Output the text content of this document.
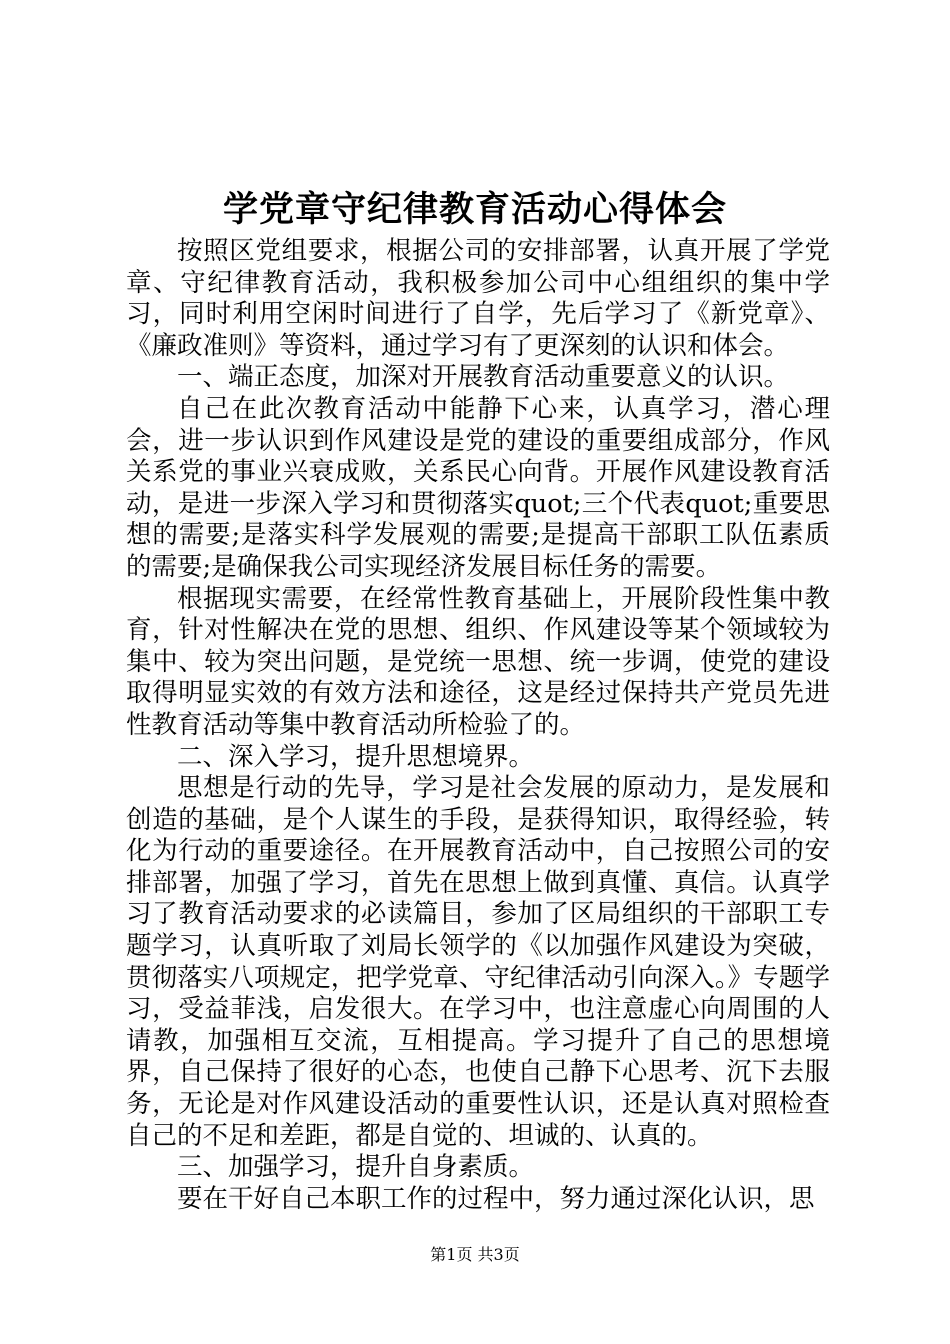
学党章守纪律教育活动心得体会

按照区党组要求，根据公司的安排部署，认真开展了学党章、守纪律教育活动，我积极参加公司中心组组织的集中学习，同时利用空闲时间进行了自学，先后学习了《新党章》、《廉政准则》等资料，通过学习有了更深刻的认识和体会。

一、端正态度，加深对开展教育活动重要意义的认识。

自己在此次教育活动中能静下心来，认真学习，潜心理会，进一步认识到作风建设是党的建设的重要组成部分，作风关系党的事业兴衰成败，关系民心向背。开展作风建设教育活动，是进一步深入学习和贯彻落实quot;三个代表quot;重要思想的需要;是落实科学发展观的需要;是提高干部职工队伍素质的需要;是确保我公司实现经济发展目标任务的需要。

根据现实需要，在经常性教育基础上，开展阶段性集中教育，针对性解决在党的思想、组织、作风建设等某个领域较为集中、较为突出问题，是党统一思想、统一步调，使党的建设取得明显实效的有效方法和途径，这是经过保持共产党员先进性教育活动等集中教育活动所检验了的。

二、深入学习，提升思想境界。

思想是行动的先导，学习是社会发展的原动力，是发展和创造的基础，是个人谋生的手段，是获得知识，取得经验，转化为行动的重要途径。在开展教育活动中，自己按照公司的安排部署，加强了学习，首先在思想上做到真懂、真信。认真学习了教育活动要求的必读篇目，参加了区局组织的干部职工专题学习，认真听取了刘局长领学的《以加强作风建设为突破，贯彻落实八项规定，把学党章、守纪律活动引向深入。》专题学习，受益菲浅，启发很大。在学习中，也注意虚心向周围的人请教，加强相互交流，互相提高。学习提升了自己的思想境界，自己保持了很好的心态，也使自己静下心思考、沉下去服务，无论是对作风建设活动的重要性认识，还是认真对照检查自己的不足和差距，都是自觉的、坦诚的、认真的。

三、加强学习，提升自身素质。

要在干好自己本职工作的过程中，努力通过深化认识，思

第1页 共3页
